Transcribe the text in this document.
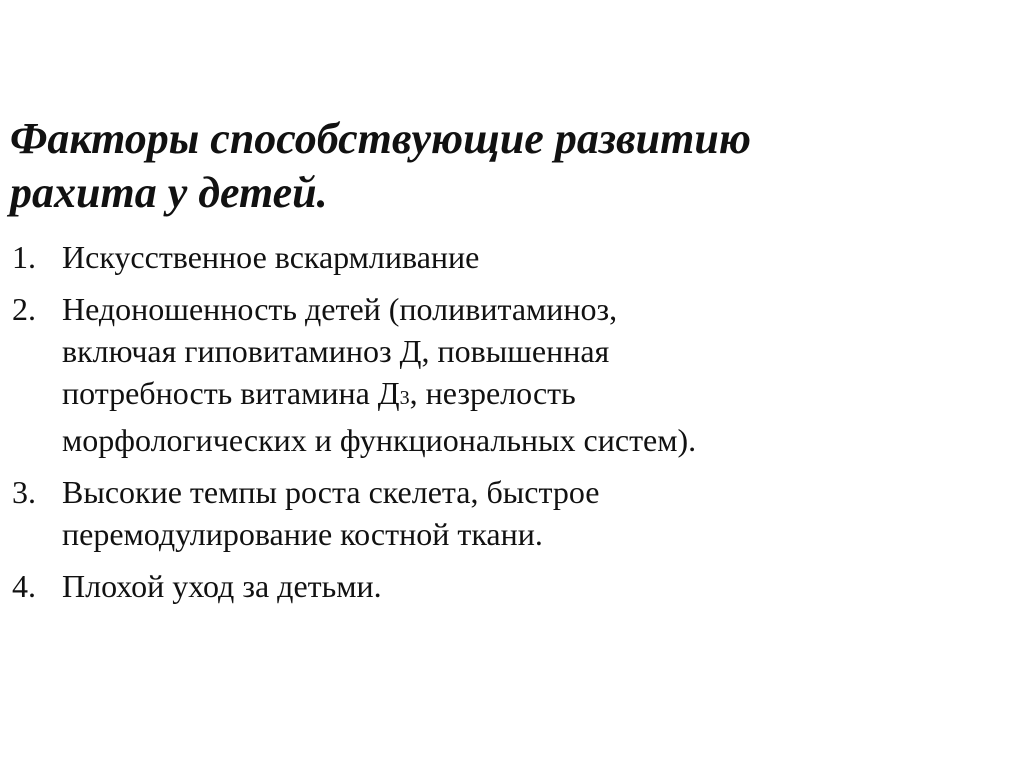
Факторы способствующие развитию
рахита у детей.
1. Искусственное вскармливание
2. Недоношенность детей (поливитаминоз,
включая гиповитаминоз Д, повышенная
потребность витамина Д3, незрелость
морфологических и функциональных систем).
3. Высокие темпы роста скелета, быстрое
перемодулирование костной ткани.
4. Плохой уход за детьми.
